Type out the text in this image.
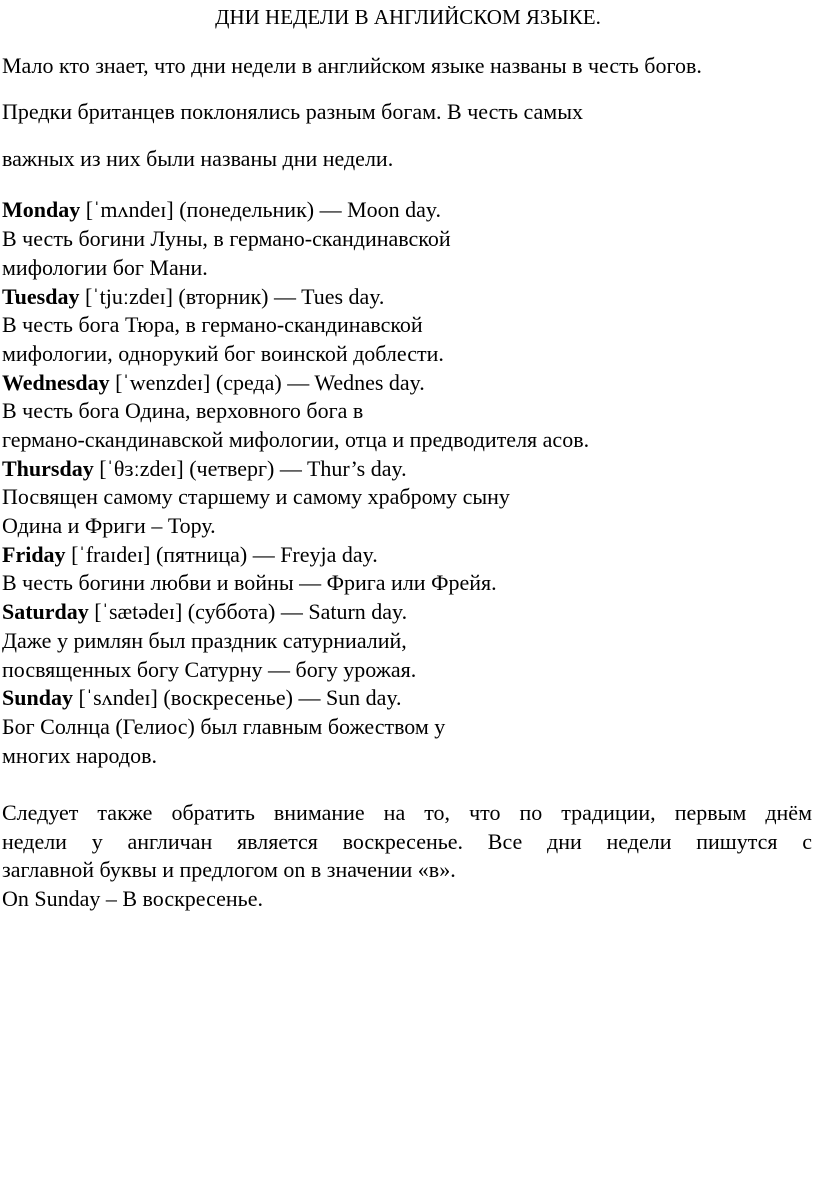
ДНИ НЕДЕЛИ В АНГЛИЙСКОМ ЯЗЫКЕ.
Мало кто знает, что дни недели в английском языке названы в честь богов.
Предки британцев поклонялись разным богам. В честь самых
важных из них были названы дни недели.
Monday [ˈmʌndeɪ] (понедельник) — Moon day.
В честь богини Луны, в германо-скандинавской
мифологии бог Мани.
Tuesday [ˈtjuːzdeɪ] (вторник) — Tues day.
В честь бога Тюра, в германо-скандинавской
мифологии, однорукий бог воинской доблести.
Wednesday [ˈwenzdeɪ] (среда) — Wednes day.
В честь бога Одина, верховного бога в
германо-скандинавской мифологии, отца и предводителя асов.
Thursday [ˈθɜːzdeɪ] (четверг) — Thur’s day.
Посвящен самому старшему и самому храброму сыну
Одина и Фриги – Тору.
Friday [ˈfraɪdeɪ] (пятница) — Freyja day.
В честь богини любви и войны — Фрига или Фрейя.
Saturday [ˈsætədeɪ] (суббота) — Saturn day.
Даже у римлян был праздник сатурниалий,
посвященных богу Сатурну — богу урожая.
Sunday [ˈsʌndeɪ] (воскресенье) — Sun day.
Бог Солнца (Гелиос) был главным божеством у
многих народов.
Следует также обратить внимание на то, что по традиции, первым днём
недели у англичан является воскресенье. Все дни недели пишутся с
заглавной буквы и предлогом on в значении «в».
On Sunday – В воскресенье.
